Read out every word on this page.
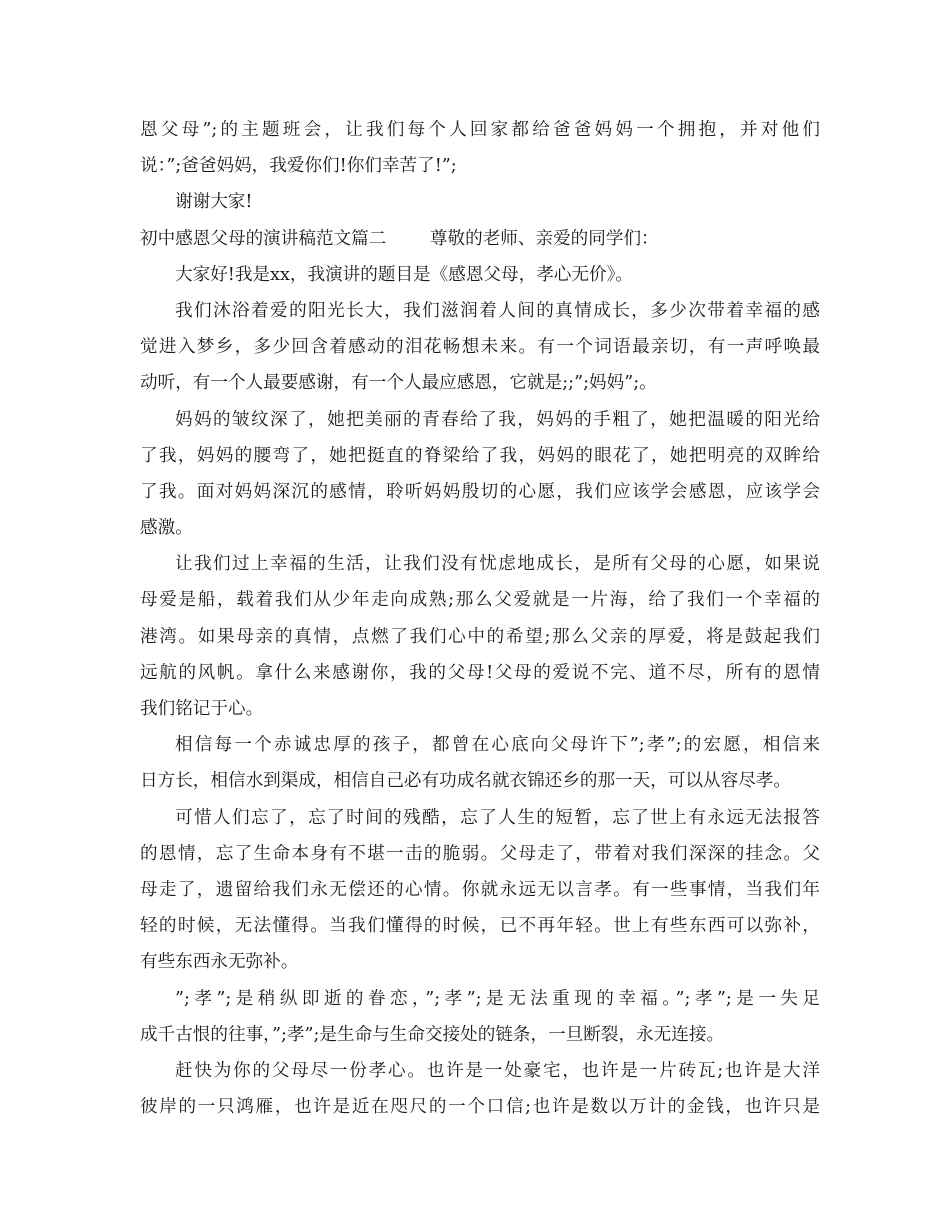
恩父母”;的主题班会，让我们每个人回家都给爸爸妈妈一个拥抱，并对他们
说：”;爸爸妈妈，我爱你们!你们幸苦了!”;
谢谢大家!
初中感恩父母的演讲稿范文篇二 尊敬的老师、亲爱的同学们：
大家好!我是xx，我演讲的题目是《感恩父母，孝心无价》。
我们沐浴着爱的阳光长大，我们滋润着人间的真情成长，多少次带着幸福的感
觉进入梦乡，多少回含着感动的泪花畅想未来。有一个词语最亲切，有一声呼唤最
动听，有一个人最要感谢，有一个人最应感恩，它就是;;”;妈妈”;。
妈妈的皱纹深了，她把美丽的青春给了我，妈妈的手粗了，她把温暖的阳光给
了我，妈妈的腰弯了，她把挺直的脊梁给了我，妈妈的眼花了，她把明亮的双眸给
了我。面对妈妈深沉的感情，聆听妈妈殷切的心愿，我们应该学会感恩，应该学会
感激。
让我们过上幸福的生活，让我们没有忧虑地成长，是所有父母的心愿，如果说
母爱是船，载着我们从少年走向成熟;那么父爱就是一片海，给了我们一个幸福的
港湾。如果母亲的真情，点燃了我们心中的希望;那么父亲的厚爱，将是鼓起我们
远航的风帆。拿什么来感谢你，我的父母!父母的爱说不完、道不尽，所有的恩情
我们铭记于心。
相信每一个赤诚忠厚的孩子，都曾在心底向父母许下”;孝”;的宏愿，相信来
日方长，相信水到渠成，相信自己必有功成名就衣锦还乡的那一天，可以从容尽孝。
可惜人们忘了，忘了时间的残酷，忘了人生的短暂，忘了世上有永远无法报答
的恩情，忘了生命本身有不堪一击的脆弱。父母走了，带着对我们深深的挂念。父
母走了，遗留给我们永无偿还的心情。你就永远无以言孝。有一些事情，当我们年
轻的时候，无法懂得。当我们懂得的时候，已不再年轻。世上有些东西可以弥补，
有些东西永无弥补。
”;孝”;是稍纵即逝的眷恋，”;孝”;是无法重现的幸福。”;孝”;是一失足
成千古恨的往事，”;孝”;是生命与生命交接处的链条，一旦断裂，永无连接。
赶快为你的父母尽一份孝心。也许是一处豪宅，也许是一片砖瓦;也许是大洋
彼岸的一只鸿雁，也许是近在咫尺的一个口信;也许是数以万计的金钱，也许只是
